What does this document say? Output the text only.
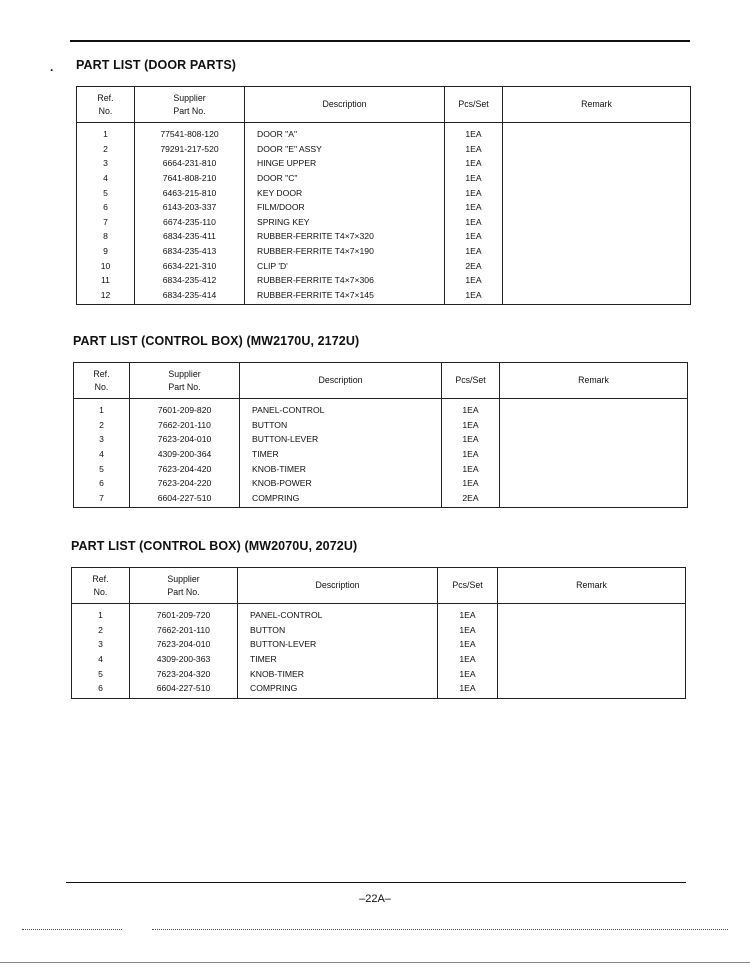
· PART LIST (DOOR PARTS)
Ref.
No.	Supplier
Part No.	Description	Pcs/Set	Remark
1	77541-808-120	DOOR "A"	1EA	
2	79291-217-520	DOOR "E" ASSY	1EA	
3	6664-231-810	HINGE UPPER	1EA	
4	7641-808-210	DOOR "C"	1EA	
5	6463-215-810	KEY DOOR	1EA	
6	6143-203-337	FILM/DOOR	1EA	
7	6674-235-110	SPRING KEY	1EA	
8	6834-235-411	RUBBER-FERRITE T4×7×320	1EA	
9	6834-235-413	RUBBER-FERRITE T4×7×190	1EA	
10	6634-221-310	CLIP 'D'	2EA	
11	6834-235-412	RUBBER-FERRITE T4×7×306	1EA	
12	6834-235-414	RUBBER-FERRITE T4×7×145	1EA	
PART LIST (CONTROL BOX) (MW2170U, 2172U)
Ref.
No.	Supplier
Part No.	Description	Pcs/Set	Remark
1	7601-209-820	PANEL-CONTROL	1EA	
2	7662-201-110	BUTTON	1EA	
3	7623-204-010	BUTTON-LEVER	1EA	
4	4309-200-364	TIMER	1EA	
5	7623-204-420	KNOB-TIMER	1EA	
6	7623-204-220	KNOB-POWER	1EA	
7	6604-227-510	COMPRING	2EA	
PART LIST (CONTROL BOX) (MW2070U, 2072U)
Ref.
No.	Supplier
Part No.	Description	Pcs/Set	Remark
1	7601-209-720	PANEL-CONTROL	1EA	
2	7662-201-110	BUTTON	1EA	
3	7623-204-010	BUTTON-LEVER	1EA	
4	4309-200-363	TIMER	1EA	
5	7623-204-320	KNOB-TIMER	1EA	
6	6604-227-510	COMPRING	1EA	
–22A–
